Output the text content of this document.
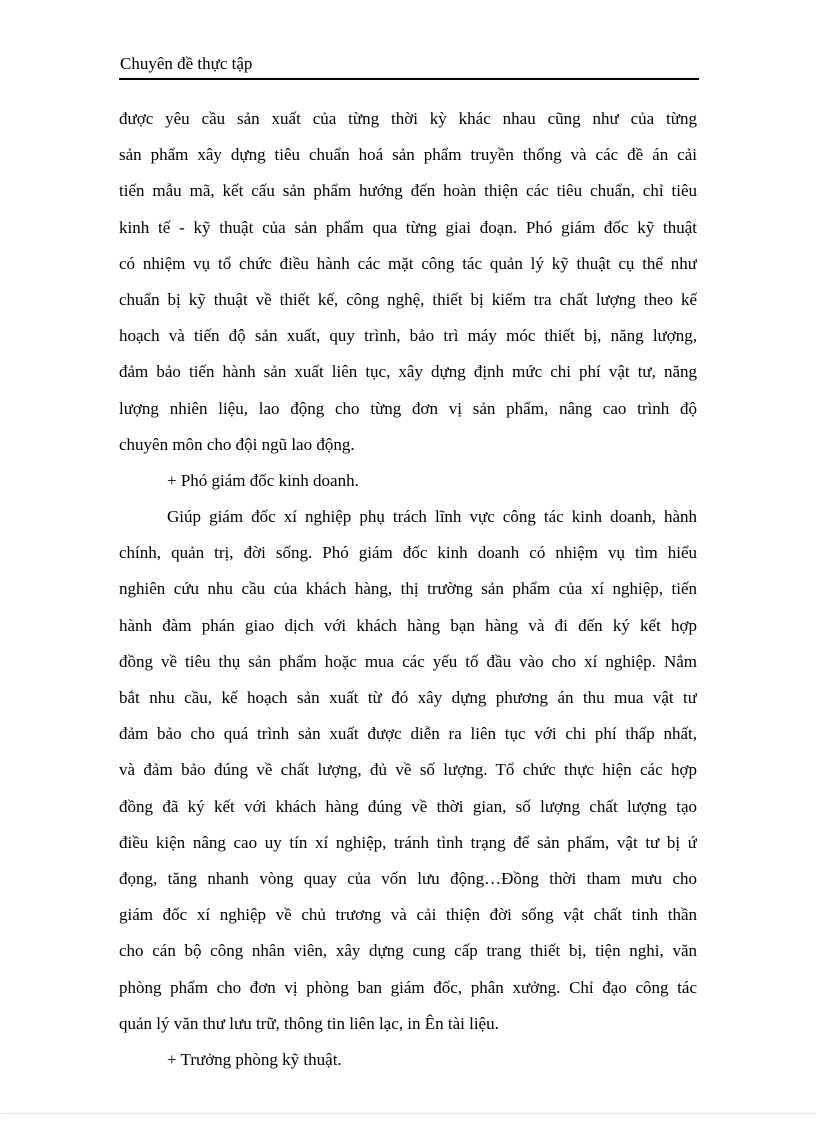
Chuyên đề thực tập
được yêu cầu sản xuất của từng thời kỳ khác nhau cũng như của từng
sản phẩm xây dựng tiêu chuẩn hoá sản phẩm truyền thống và các đề án cải
tiến mẫu mã, kết cấu sản phẩm hướng đến hoàn thiện các tiêu chuẩn, chỉ tiêu
kinh tế - kỹ thuật của sản phẩm qua từng giai đoạn. Phó giám đốc kỹ thuật
có nhiệm vụ tổ chức điều hành các mặt công tác quản lý kỹ thuật cụ thể như
chuẩn bị kỹ thuật về thiết kế, công nghệ, thiết bị kiểm tra chất lượng theo kế
hoạch và tiến độ sản xuất, quy trình, bảo trì máy móc thiết bị, năng lượng,
đảm bảo tiến hành sản xuất liên tục, xây dựng định mức chi phí vật tư, năng
lượng nhiên liệu, lao động cho từng đơn vị sản phẩm, nâng cao trình độ
chuyên môn cho đội ngũ lao động.
+ Phó giám đốc kinh doanh.
Giúp giám đốc xí nghiệp phụ trách lĩnh vực công tác kinh doanh, hành
chính, quản trị, đời sống. Phó giám đốc kinh doanh có nhiệm vụ tìm hiểu
nghiên cứu nhu cầu của khách hàng, thị trường sản phẩm của xí nghiệp, tiến
hành đàm phán giao dịch với khách hàng bạn hàng và đi đến ký kết hợp
đồng về tiêu thụ sản phẩm hoặc mua các yếu tố đầu vào cho xí nghiệp. Nắm
bắt nhu cầu, kế hoạch sản xuất từ đó xây dựng phương án thu mua vật tư
đảm bảo cho quá trình sản xuất được diễn ra liên tục với chi phí thấp nhất,
và đảm bảo đúng về chất lượng, đủ về số lượng. Tổ chức thực hiện các hợp
đồng đã ký kết với khách hàng đúng về thời gian, số lượng chất lượng tạo
điều kiện nâng cao uy tín xí nghiệp, tránh tình trạng để sản phẩm, vật tư bị ứ
đọng, tăng nhanh vòng quay của vốn lưu động…Đồng thời tham mưu cho
giám đốc xí nghiệp về chủ trương và cải thiện đời sống vật chất tinh thần
cho cán bộ công nhân viên, xây dựng cung cấp trang thiết bị, tiện nghi, văn
phòng phẩm cho đơn vị phòng ban giám đốc, phân xưởng. Chỉ đạo công tác
quản lý văn thư lưu trữ, thông tin liên lạc, in Ên tài liệu.
+ Trưởng phòng kỹ thuật.
